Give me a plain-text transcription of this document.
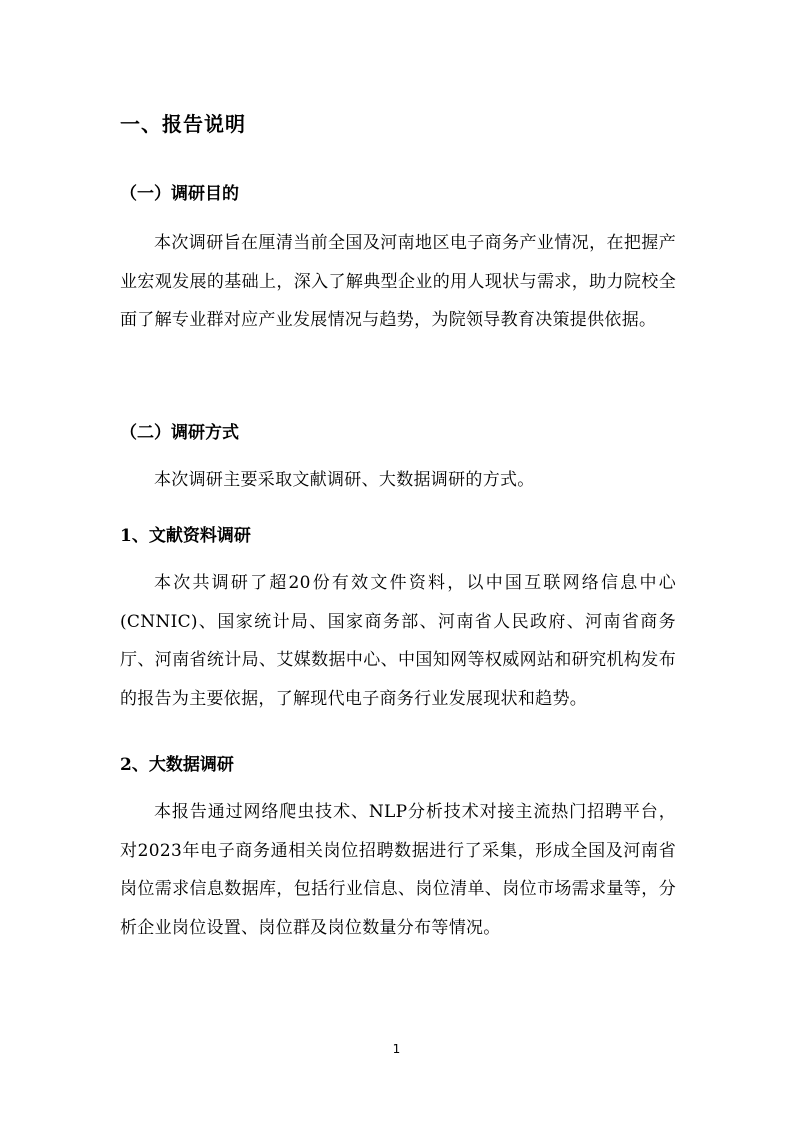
一、报告说明
（一）调研目的
本次调研旨在厘清当前全国及河南地区电子商务产业情况，在把握产业宏观发展的基础上，深入了解典型企业的用人现状与需求，助力院校全面了解专业群对应产业发展情况与趋势，为院领导教育决策提供依据。
（二）调研方式
本次调研主要采取文献调研、大数据调研的方式。
1、文献资料调研
本次共调研了超20份有效文件资料，以中国互联网络信息中心(CNNIC)、国家统计局、国家商务部、河南省人民政府、河南省商务厅、河南省统计局、艾媒数据中心、中国知网等权威网站和研究机构发布的报告为主要依据，了解现代电子商务行业发展现状和趋势。
2、大数据调研
本报告通过网络爬虫技术、NLP分析技术对接主流热门招聘平台，对2023年电子商务通相关岗位招聘数据进行了采集，形成全国及河南省岗位需求信息数据库，包括行业信息、岗位清单、岗位市场需求量等，分析企业岗位设置、岗位群及岗位数量分布等情况。
1
